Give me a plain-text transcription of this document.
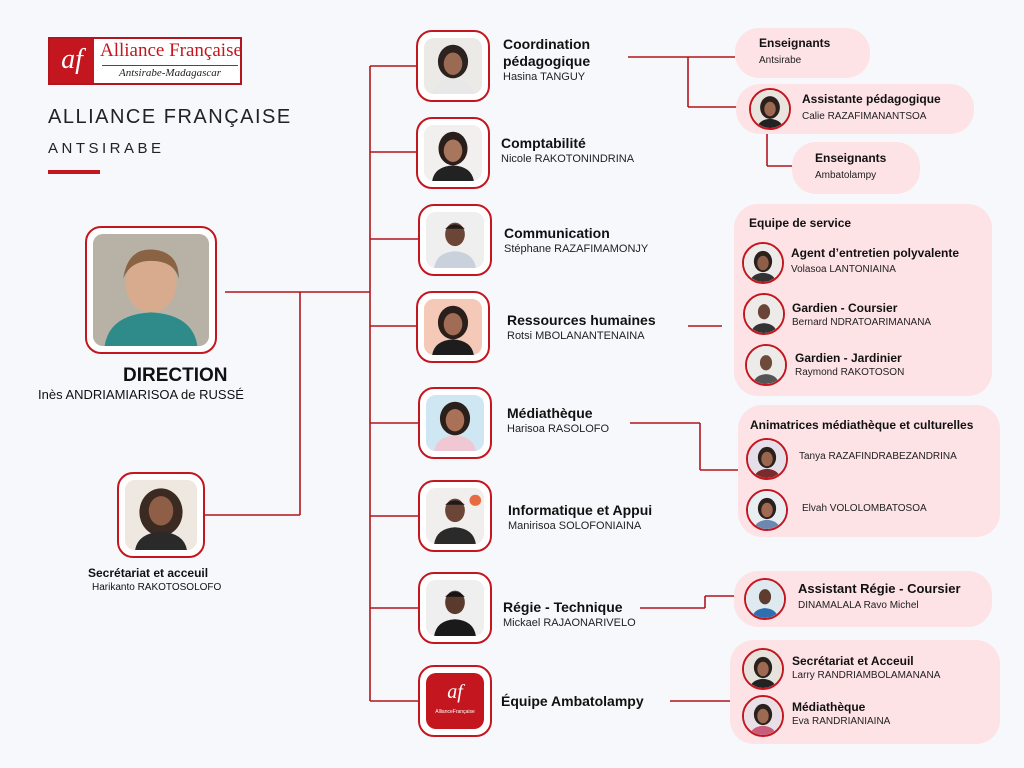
af Alliance Française
Antsirabe-Madagascar
ALLIANCE FRANÇAISE
ANTSIRABE
DIRECTION
Inès ANDRIAMIARISOA de RUSSÉ
Secrétariat et acceuil
Harikanto RAKOTOSOLOFO
af
AllianceFrançaise
Coordination
pédagogique
Hasina TANGUY
Comptabilité
Nicole RAKOTONINDRINA
Communication
Stéphane RAZAFIMAMONJY
Ressources humaines
Rotsi MBOLANANTENAINA
Médiathèque
Harisoa RASOLOFO
Informatique et Appui
Manirisoa SOLOFONIAINA
Régie - Technique
Mickael RAJAONARIVELO
Équipe Ambatolampy
Enseignants
Antsirabe
Assistante pédagogique
Calie RAZAFIMANANTSOA
Enseignants
Ambatolampy
Equipe de service
Agent d’entretien polyvalente
Volasoa LANTONIAINA
Gardien - Coursier
Bernard NDRATOARIMANANA
Gardien - Jardinier
Raymond RAKOTOSON
Animatrices médiathèque et culturelles
Tanya RAZAFINDRABEZANDRINA
Elvah VOLOLOMBATOSOA
Assistant Régie - Coursier
DINAMALALA Ravo Michel
Secrétariat et Acceuil
Larry RANDRIAMBOLAMANANA
Médiathèque
Eva RANDRIANIAINA
